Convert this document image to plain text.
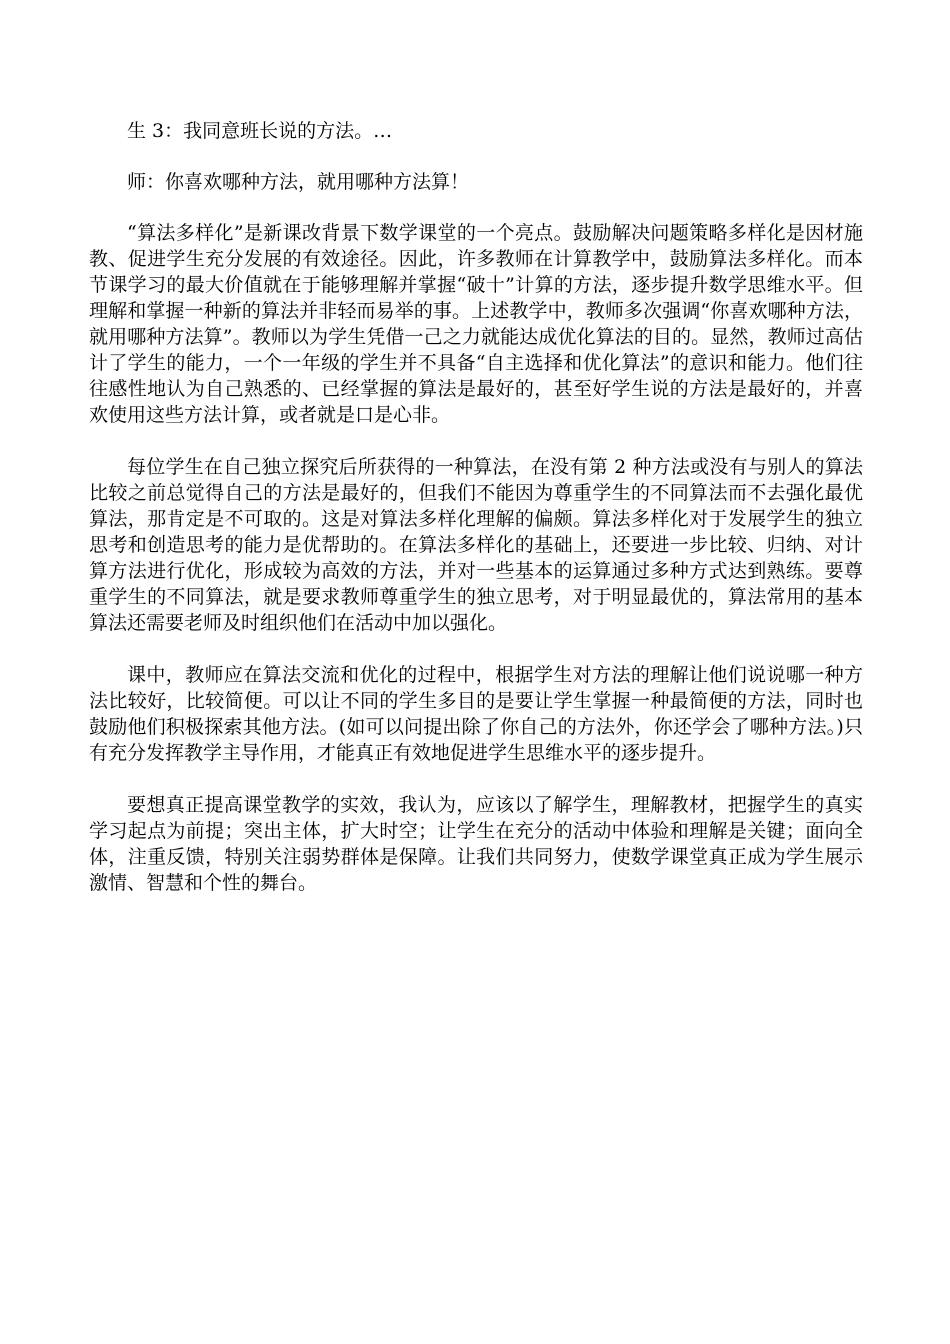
生 3：我同意班长说的方法。…

师：你喜欢哪种方法，就用哪种方法算！

“算法多样化”是新课改背景下数学课堂的一个亮点。鼓励解决问题策略多样化是因材施教、促进学生充分发展的有效途径。因此，许多教师在计算教学中，鼓励算法多样化。而本节课学习的最大价值就在于能够理解并掌握“破十”计算的方法，逐步提升数学思维水平。但理解和掌握一种新的算法并非轻而易举的事。上述教学中，教师多次强调“你喜欢哪种方法，就用哪种方法算”。教师以为学生凭借一己之力就能达成优化算法的目的。显然，教师过高估计了学生的能力，一个一年级的学生并不具备“自主选择和优化算法”的意识和能力。他们往往感性地认为自己熟悉的、已经掌握的算法是最好的，甚至好学生说的方法是最好的，并喜欢使用这些方法计算，或者就是口是心非。

每位学生在自己独立探究后所获得的一种算法，在没有第 2 种方法或没有与别人的算法比较之前总觉得自己的方法是最好的，但我们不能因为尊重学生的不同算法而不去强化最优算法，那肯定是不可取的。这是对算法多样化理解的偏颇。算法多样化对于发展学生的独立思考和创造思考的能力是优帮助的。在算法多样化的基础上，还要进一步比较、归纳、对计算方法进行优化，形成较为高效的方法，并对一些基本的运算通过多种方式达到熟练。要尊重学生的不同算法，就是要求教师尊重学生的独立思考，对于明显最优的，算法常用的基本算法还需要老师及时组织他们在活动中加以强化。

课中，教师应在算法交流和优化的过程中，根据学生对方法的理解让他们说说哪一种方法比较好，比较简便。可以让不同的学生多目的是要让学生掌握一种最简便的方法，同时也鼓励他们积极探索其他方法。(如可以问提出除了你自己的方法外，你还学会了哪种方法。)只有充分发挥教学主导作用，才能真正有效地促进学生思维水平的逐步提升。

要想真正提高课堂教学的实效，我认为，应该以了解学生，理解教材，把握学生的真实学习起点为前提；突出主体，扩大时空；让学生在充分的活动中体验和理解是关键；面向全体，注重反馈，特别关注弱势群体是保障。让我们共同努力，使数学课堂真正成为学生展示激情、智慧和个性的舞台。
